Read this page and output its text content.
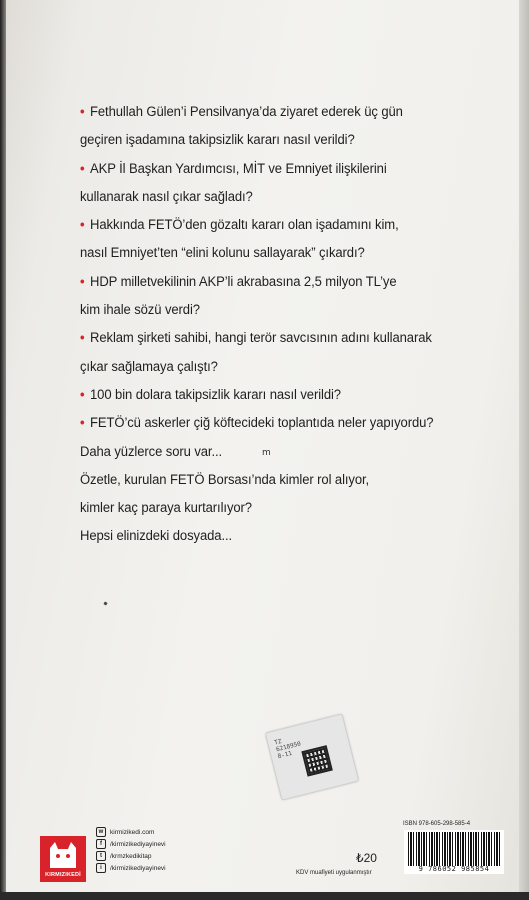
• Fethullah Gülen’i Pensilvanya’da ziyaret ederek üç gün
geçiren işadamına takipsizlik kararı nasıl verildi?
• AKP İl Başkan Yardımcısı, MİT ve Emniyet ilişkilerini
kullanarak nasıl çıkar sağladı?
• Hakkında FETÖ’den gözaltı kararı olan işadamını kim,
nasıl Emniyet’ten “elini kolunu sallayarak” çıkardı?
• HDP milletvekilinin AKP’li akrabasına 2,5 milyon TL’ye
kim ihale sözü verdi?
• Reklam şirketi sahibi, hangi terör savcısının adını kullanarak
çıkar sağlamaya çalıştı?
• 100 bin dolara takipsizlik kararı nasıl verildi?
• FETÖ’cü askerler çiğ köftecideki toplantıda neler yapıyordu?
Daha yüzlerce soru var...
Özetle, kurulan FETÖ Borsası’nda kimler rol alıyor,
kimler kaç paraya kurtarılıyor?
Hepsi elinizdeki dosyada...
m
TZ 6218950 8-11
KIRMIZIKEDİ
w	kirmizikedi.com
f	/kirmizikediyayinevi
t	/krmzkedikitap
i	/kirmizikediyayinevi
₺20
KDV muafiyeti uygulanmıştır
ISBN 978-605-298-585-4
9 786052 985854
